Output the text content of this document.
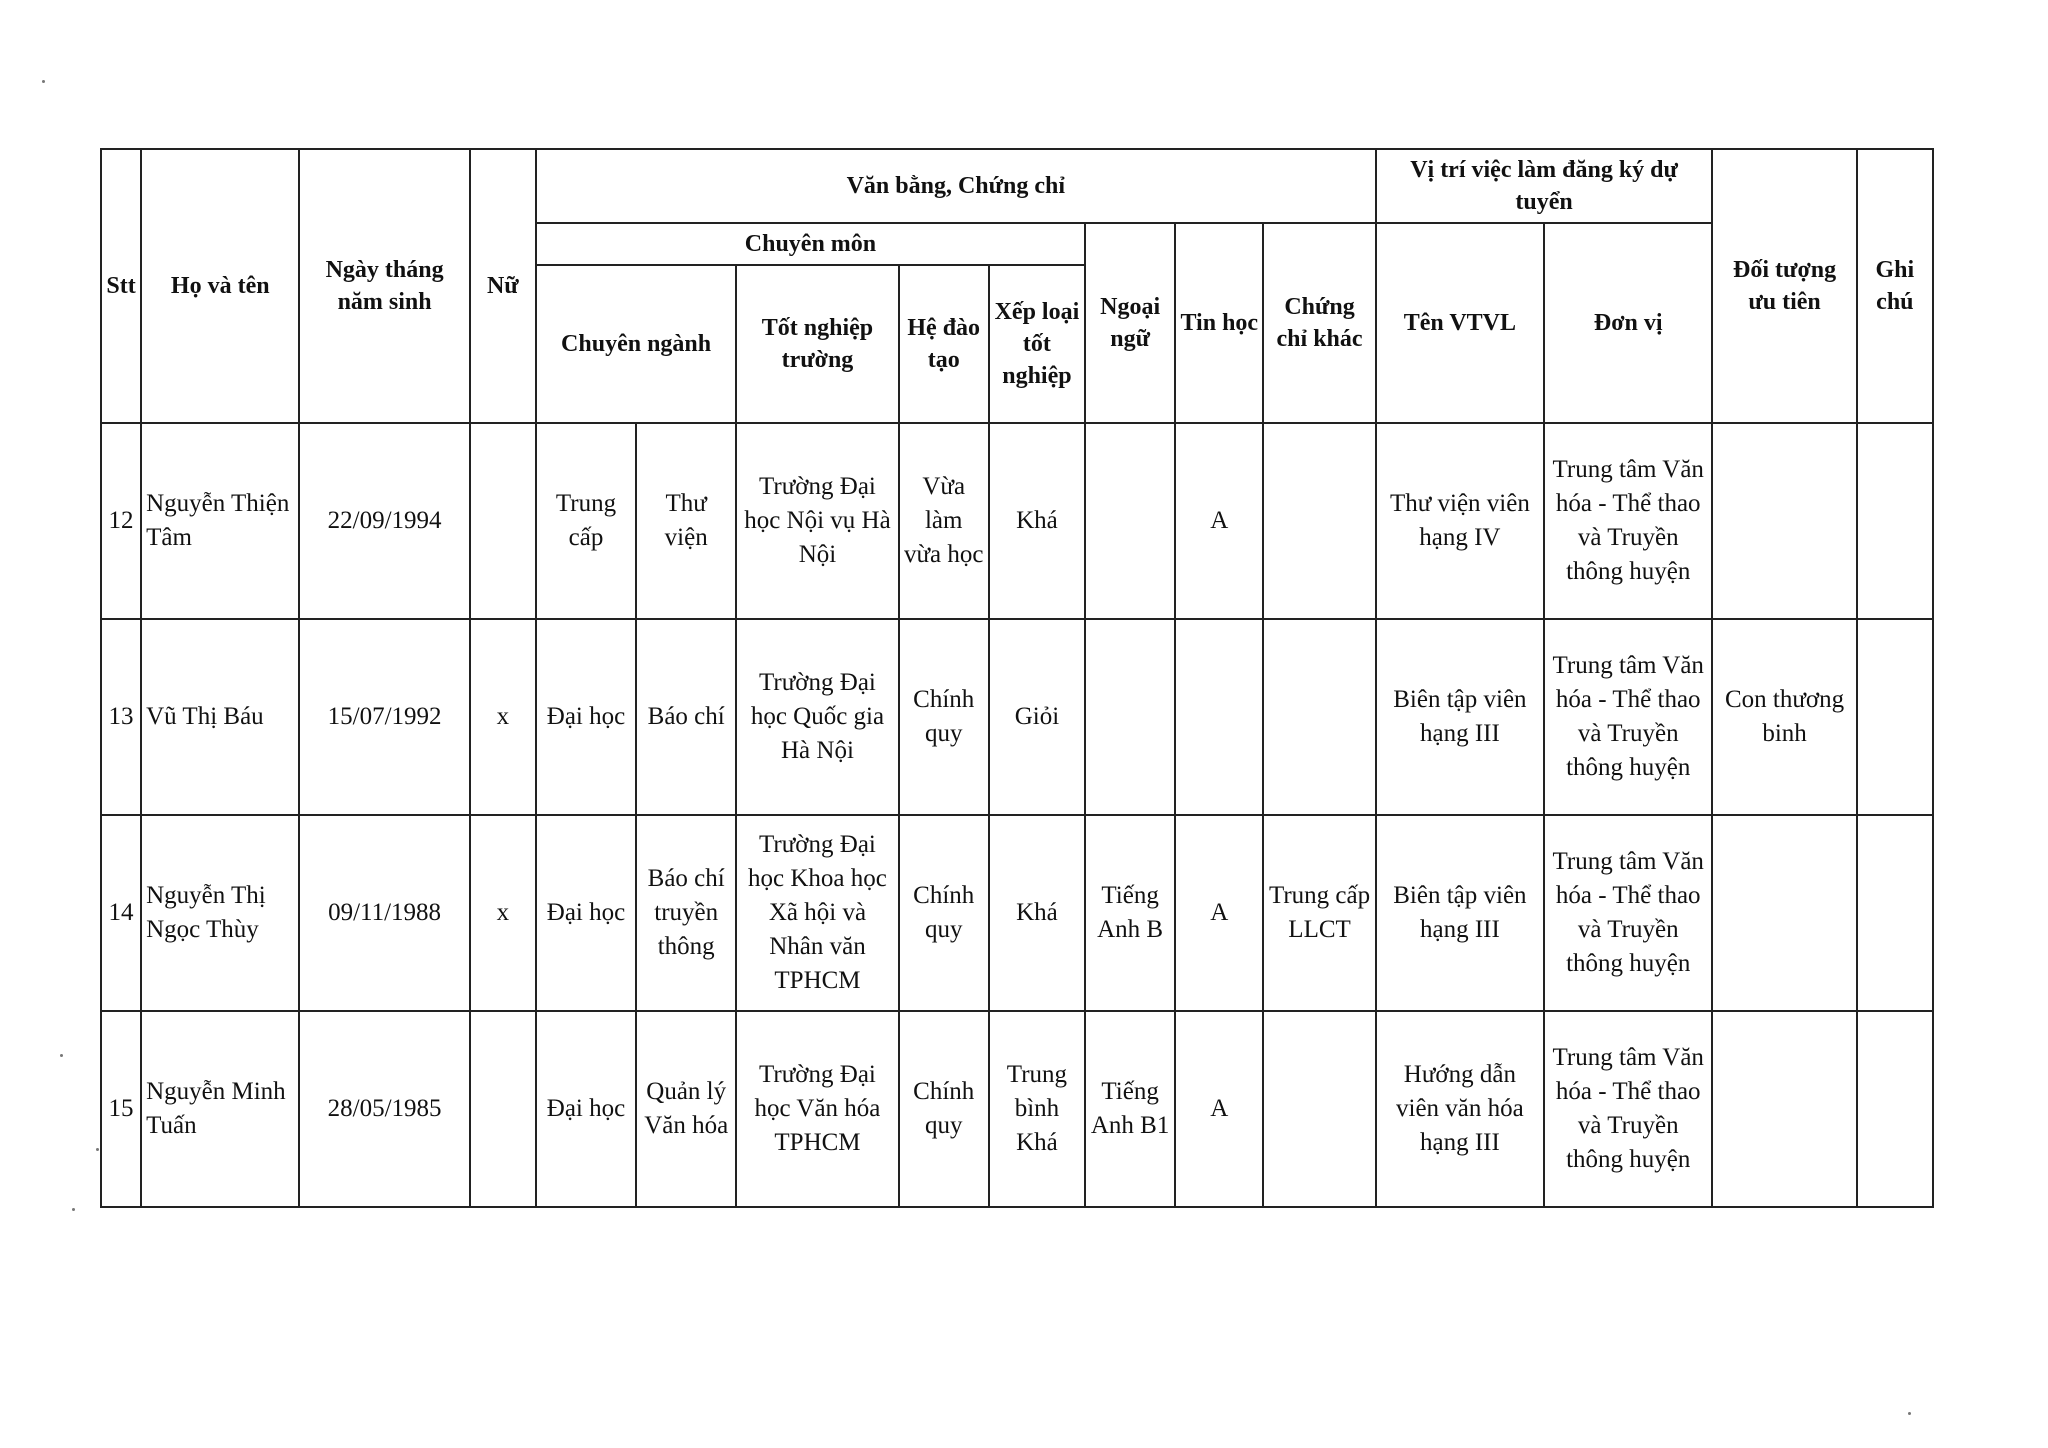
Stt	Họ và tên	Ngày tháng năm sinh	Nữ	Văn bằng, Chứng chỉ								Vị trí việc làm đăng ký dự tuyển		Đối tượng ưu tiên	Ghi chú
				Chuyên môn					Ngoại ngữ	Tin học	Chứng chỉ khác	Tên VTVL	Đơn vị		
				Chuyên ngành		Tốt nghiệp trường	Hệ đào tạo	Xếp loại tốt nghiệp							
12	Nguyễn Thiện Tâm	22/09/1994		Trung cấp	Thư viện	Trường Đại học Nội vụ Hà Nội	Vừa làm vừa học	Khá		A		Thư viện viên hạng IV	Trung tâm Văn hóa - Thể thao và Truyền thông huyện		
13	Vũ Thị Báu	15/07/1992	x	Đại học	Báo chí	Trường Đại học Quốc gia Hà Nội	Chính quy	Giỏi				Biên tập viên hạng III	Trung tâm Văn hóa - Thể thao và Truyền thông huyện	Con thương binh	
14	Nguyễn Thị Ngọc Thùy	09/11/1988	x	Đại học	Báo chí truyền thông	Trường Đại học Khoa học Xã hội và Nhân văn TPHCM	Chính quy	Khá	Tiếng Anh B	A	Trung cấp LLCT	Biên tập viên hạng III	Trung tâm Văn hóa - Thể thao và Truyền thông huyện		
15	Nguyễn Minh Tuấn	28/05/1985		Đại học	Quản lý Văn hóa	Trường Đại học Văn hóa TPHCM	Chính quy	Trung bình Khá	Tiếng Anh B1	A		Hướng dẫn viên văn hóa hạng III	Trung tâm Văn hóa - Thể thao và Truyền thông huyện		
